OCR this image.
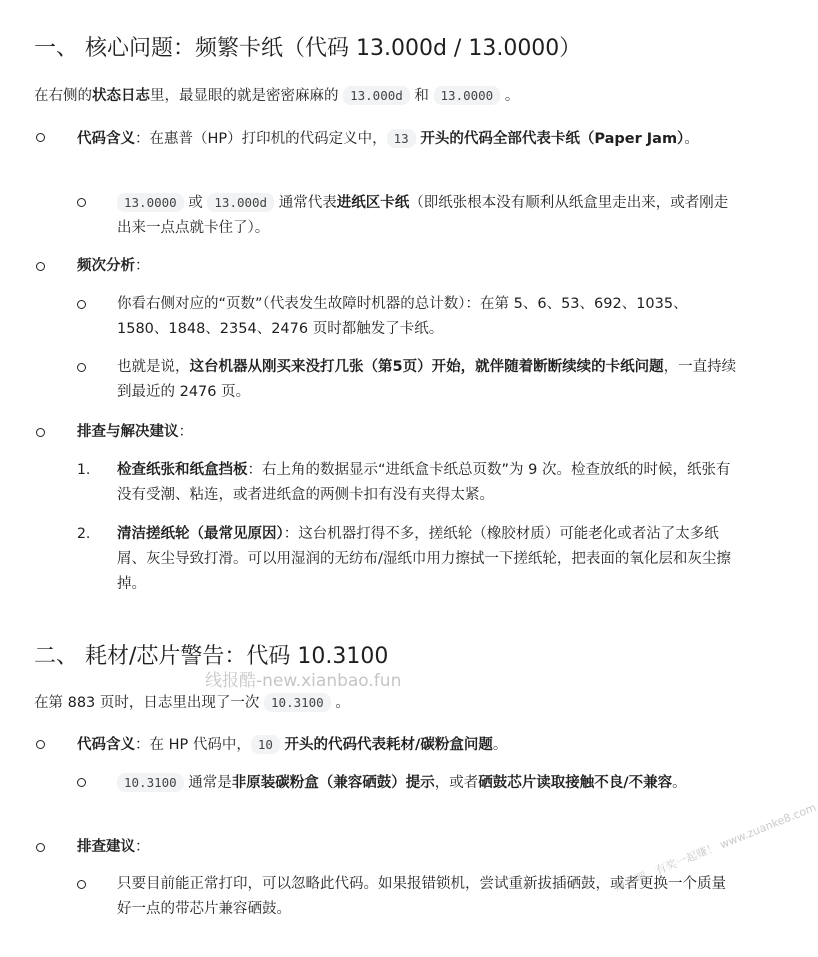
一、 核心问题：频繁卡纸（代码 13.000d / 13.0000）

在右侧的状态日志里，最显眼的就是密密麻麻的 13.000d 和 13.0000 。

代码含义：在惠普（HP）打印机的代码定义中， 13 开头的代码全部代表卡纸（Paper Jam）。
13.0000 或 13.000d 通常代表进纸区卡纸（即纸张根本没有顺利从纸盒里走出来，或者刚走出来一点点就卡住了）。
频次分析：
你看右侧对应的“页数”（代表发生故障时机器的总计数）：在第 5、6、53、692、1035、1580、1848、2354、2476 页时都触发了卡纸。
也就是说，这台机器从刚买来没打几张（第5页）开始，就伴随着断断续续的卡纸问题，一直持续到最近的 2476 页。
排查与解决建议：
1. 检查纸张和纸盒挡板：右上角的数据显示“进纸盒卡纸总页数”为 9 次。检查放纸的时候，纸张有没有受潮、粘连，或者进纸盒的两侧卡扣有没有夹得太紧。
2. 清洁搓纸轮（最常见原因）：这台机器打得不多，搓纸轮（橡胶材质）可能老化或者沾了太多纸屑、灰尘导致打滑。可以用湿润的无纺布/湿纸巾用力擦拭一下搓纸轮，把表面的氧化层和灰尘擦掉。
二、 耗材/芯片警告：代码 10.3100
线报酷-new.xianbao.fun

在第 883 页时，日志里出现了一次 10.3100 。

代码含义：在 HP 代码中， 10 开头的代码代表耗材/碳粉盒问题。
10.3100 通常是非原装碳粉盒（兼容硒鼓）提示，或者硒鼓芯片读取接触不良/不兼容。
排查建议：
只要目前能正常打印，可以忽略此代码。如果报错锁机，尝试重新拔插硒鼓，或者更换一个质量好一点的带芯片兼容硒鼓。
赚客吧，有奖一起赚！ www.zuanke8.com
